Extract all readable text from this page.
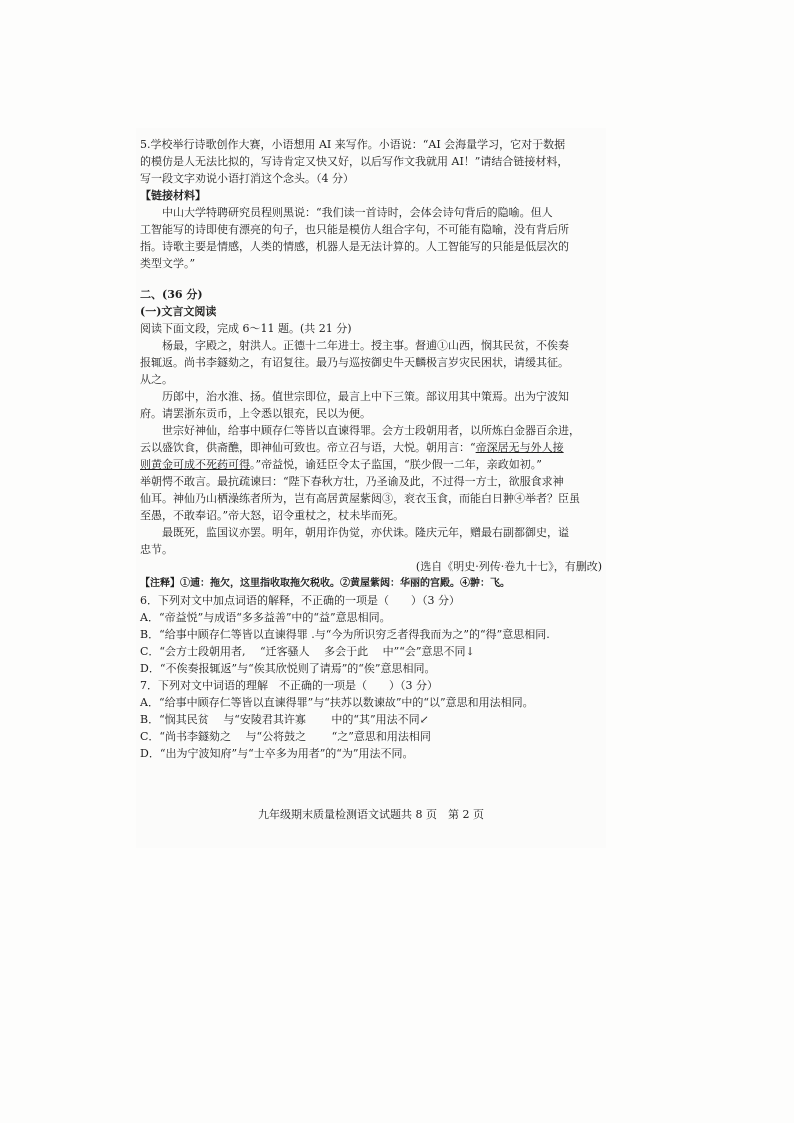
5.学校举行诗歌创作大赛，小语想用 AI 来写作。小语说：“AI 会海量学习，它对于数据

的模仿是人无法比拟的，写诗肯定又快又好，以后写作文我就用 AI！”请结合链接材料，

写一段文字劝说小语打消这个念头。（4 分）

【链接材料】

中山大学特聘研究员程则黑说：“我们读一首诗时，会体会诗句背后的隐喻。但人

工智能写的诗即使有漂亮的句子，也只能是模仿人组合字句，不可能有隐喻，没有背后所

指。诗歌主要是情感，人类的情感，机器人是无法计算的。人工智能写的只能是低层次的

类型文学。”

二、(36 分)

(一)文言文阅读

阅读下面文段，完成 6～11 题。(共 21 分)

杨最，字殿之，射洪人。正德十二年进士。授主事。督逋①山西，悯其民贫，不俟奏

报辄返。尚书李鐩劾之，有诏复往。最乃与巡按御史牛天麟极言岁灾民困状，请缓其征。

从之。

历郎中，治水淮、扬。值世宗即位，最言上中下三策。部议用其中策焉。出为宁波知

府。请罢浙东贡币，上令悉以银充，民以为便。

世宗好神仙，给事中顾存仁等皆以直谏得罪。会方士段朝用者，以所炼白金器百余进，

云以盛饮食，供斋醮，即神仙可致也。帝立召与语，大悦。朝用言：“帝深居无与外人接

则黄金可成不死药可得。”帝益悦，谕廷臣令太子监国，“朕少假一二年，亲政如初。”

举朝愕不敢言。最抗疏谏曰：“陛下春秋方壮，乃圣谕及此，不过得一方士，欲服食求神

仙耳。神仙乃山栖澡练者所为，岂有高居黄屋紫闼③，衮衣玉食，而能白日翀④举者？臣虽

至愚，不敢奉诏。”帝大怒，诏令重杖之，杖未毕而死。

最既死，监国议亦罢。明年，朝用诈伪觉，亦伏诛。隆庆元年，赠最右副都御史，谥

忠节。

(选自《明史·列传·卷九十七》，有删改)

【注释】①逋：拖欠，这里指收取拖欠税收。②黄屋紫闼：华丽的宫殿。④翀：飞。

6．下列对文中加点词语的解释，不正确的一项是（　　）（3 分）

A．“帝益悦”与成语“多多益善”中的“益”意思相同。

B．“给事中顾存仁等皆以直谏得罪 .与“今为所识穷乏者得我而为之”的“得”意思相同.

C．“会方士段朝用者,　 “迁客骚人　 多会于此　 中”“会”意思不同↓

D．“不俟奏报辄返”与“俟其欣悦则了请焉”的“俟”意思相同。

7．下列对文中词语的理解　不正确的一项是（　　）（3 分）

A．“给事中顾存仁等皆以直谏得罪”与“扶苏以数谏故”中的“以”意思和用法相同。

B．“悯其民贫　 与“安陵君其许寡　　 中的“其”用法不同↙

C．“尚书李鐩劾之　 与“公将鼓之　　 “之”意思和用法相同

D．“出为宁波知府”与“士卒多为用者”的“为”用法不同。

九年级期末质量检测语文试题共 8 页　第 2 页
